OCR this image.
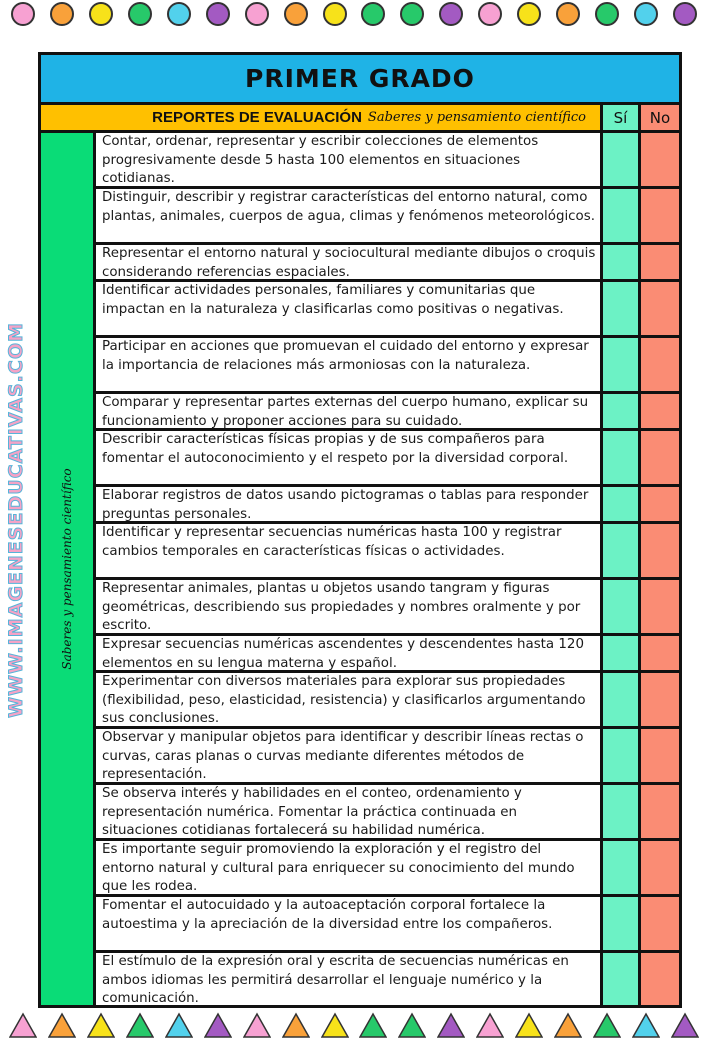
WWW.IMAGENESEDUCATIVAS.COM
PRIMER GRADO
REPORTES DE EVALUACIÓN Saberes y pensamiento científico	Sí	No
Saberes y pensamiento científico
Contar, ordenar, representar y escribir colecciones de elementos progresivamente desde 5 hasta 100 elementos en situaciones cotidianas.
Distinguir, describir y registrar características del entorno natural, como plantas, animales, cuerpos de agua, climas y fenómenos meteorológicos.
Representar el entorno natural y sociocultural mediante dibujos o croquis considerando referencias espaciales.
Identificar actividades personales, familiares y comunitarias que impactan en la naturaleza y clasificarlas como positivas o negativas.
Participar en acciones que promuevan el cuidado del entorno y expresar la importancia de relaciones más armoniosas con la naturaleza.
Comparar y representar partes externas del cuerpo humano, explicar su funcionamiento y proponer acciones para su cuidado.
Describir características físicas propias y de sus compañeros para fomentar el autoconocimiento y el respeto por la diversidad corporal.
Elaborar registros de datos usando pictogramas o tablas para responder preguntas personales.
Identificar y representar secuencias numéricas hasta 100 y registrar cambios temporales en características físicas o actividades.
Representar animales, plantas u objetos usando tangram y figuras geométricas, describiendo sus propiedades y nombres oralmente y por escrito.
Expresar secuencias numéricas ascendentes y descendentes hasta 120 elementos en su lengua materna y español.
Experimentar con diversos materiales para explorar sus propiedades (flexibilidad, peso, elasticidad, resistencia) y clasificarlos argumentando sus conclusiones.
Observar y manipular objetos para identificar y describir líneas rectas o curvas, caras planas o curvas mediante diferentes métodos de representación.
Se observa interés y habilidades en el conteo, ordenamiento y representación numérica. Fomentar la práctica continuada en situaciones cotidianas fortalecerá su habilidad numérica.
Es importante seguir promoviendo la exploración y el registro del entorno natural y cultural para enriquecer su conocimiento del mundo que les rodea.
Fomentar el autocuidado y la autoaceptación corporal fortalece la autoestima y la apreciación de la diversidad entre los compañeros.
El estímulo de la expresión oral y escrita de secuencias numéricas en ambos idiomas les permitirá desarrollar el lenguaje numérico y la comunicación.
